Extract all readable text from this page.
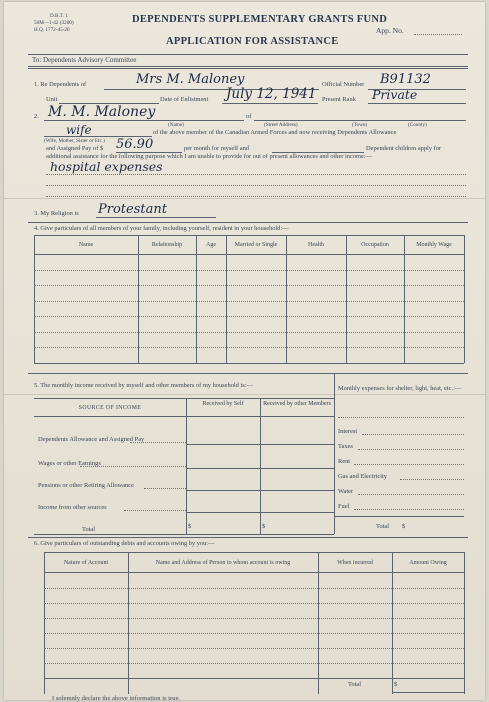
D.B.T. 1
50M—1-42 (3200)
H.Q. 1772-45-20
DEPENDENTS SUPPLEMENTARY GRANTS FUND
APPLICATION FOR ASSISTANCE
App. No.
To: Dependents Advisory Committee
1. Re Dependents of	Mrs M. Maloney	Official Number B91132
Unit	Date of Enlistment July 12, 1941 Present Rank Private
2. M. M. Maloney	of
(Name)	(Street Address)	(Town)	(County)
wife	of the above member of the Canadian Armed Forces and now receiving Dependents Allowance
(Wife, Mother, Sister or Etc.)
and Assigned Pay of $ 56.90	per month for myself and	Dependent children apply for
additional assistance for the following purpose which I am unable to provide for out of present allowances and other income:—
hospital expenses
3. My Religion is Protestant
4. Give particulars of all members of your family, including yourself, resident in your household:—
Name	Relationship	Age	Married or Single	Health	Occupation	Monthly Wage
5. The monthly income received by myself and other members of my household is:—
SOURCE OF INCOME
Received by Self	Received by other Members
Dependents Allowance and Assigned Pay
Wages or other Earnings
Pensions or other Retiring Allowance
Income from other sources
Total	$	$
Monthly expenses for shelter, light, heat, etc.:—
Interest
Taxes
Rent
Gas and Electricity
Water
Fuel
Total $
6. Give particulars of outstanding debts and accounts owing by you:—
Nature of Account	Name and Address of Person to whom account is owing	When incurred	Amount Owing
Total	$
I solemnly declare the above information is true.
